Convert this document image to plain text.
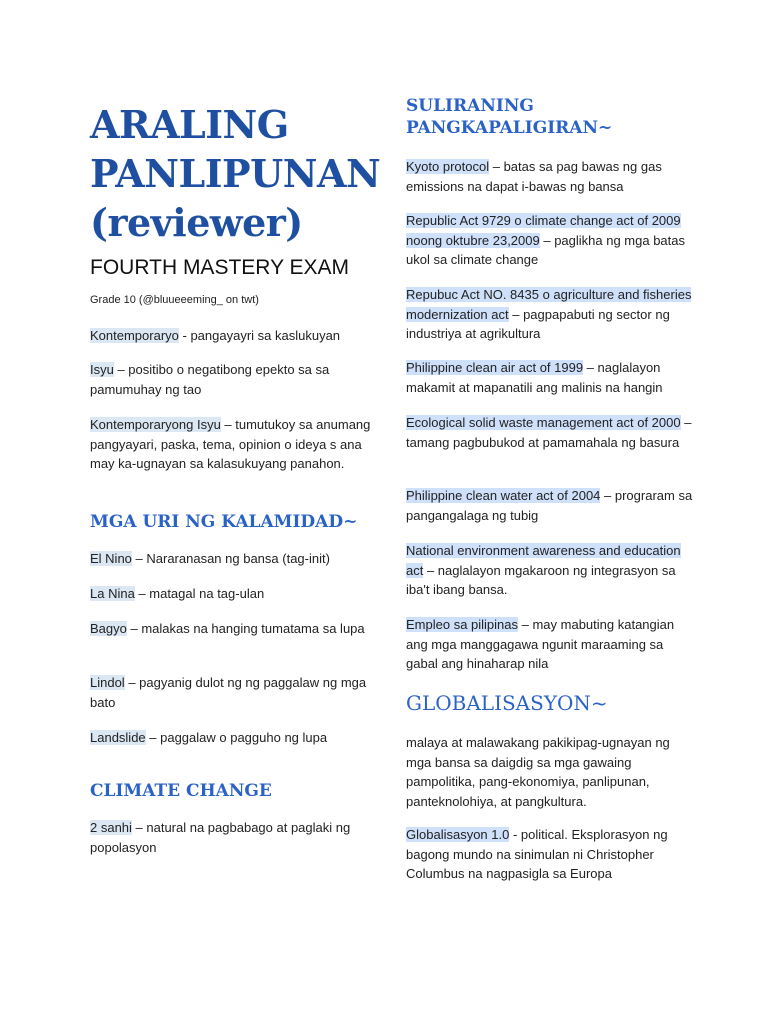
ARALING PANLIPUNAN (reviewer)
FOURTH MASTERY EXAM
Grade 10 (@bluueeeming_ on twt)

Kontemporaryo - pangayayri sa kaslukuyan

Isyu – positibo o negatibong epekto sa sa pamumuhay ng tao

Kontemporaryong Isyu – tumutukoy sa anumang pangyayari, paska, tema, opinion o ideya s ana may ka-ugnayan sa kalasukuyang panahon.

MGA URI NG KALAMIDAD~

El Nino – Nararanasan ng bansa (tag-init)

La Nina – matagal na tag-ulan

Bagyo – malakas na hanging tumatama sa lupa

Lindol – pagyanig dulot ng ng paggalaw ng mga bato

Landslide – paggalaw o pagguho ng lupa

CLIMATE CHANGE

2 sanhi – natural na pagbabago at paglaki ng popolasyon

SULIRANING PANGKAPALIGIRAN~

Kyoto protocol – batas sa pag bawas ng gas emissions na dapat i-bawas ng bansa

Republic Act 9729 o climate change act of 2009 noong oktubre 23,2009 – paglikha ng mga batas ukol sa climate change

Repubuc Act NO. 8435 o agriculture and fisheries modernization act – pagpapabuti ng sector ng industriya at agrikultura

Philippine clean air act of 1999 – naglalayon makamit at mapanatili ang malinis na hangin

Ecological solid waste management act of 2000 – tamang pagbubukod at pamamahala ng basura

Philippine clean water act of 2004 – prograram sa pangangalaga ng tubig

National environment awareness and education act – naglalayon mgakaroon ng integrasyon sa iba't ibang bansa.

Empleo sa pilipinas – may mabuting katangian ang mga manggagawa ngunit maraaming sa gabal ang hinaharap nila

GLOBALISASYON~

malaya at malawakang pakikipag-ugnayan ng mga bansa sa daigdig sa mga gawaing pampolitika, pang-ekonomiya, panlipunan, panteknolohiya, at pangkultura.

Globalisasyon 1.0 - political. Eksplorasyon ng bagong mundo na sinimulan ni Christopher Columbus na nagpasigla sa Europa
